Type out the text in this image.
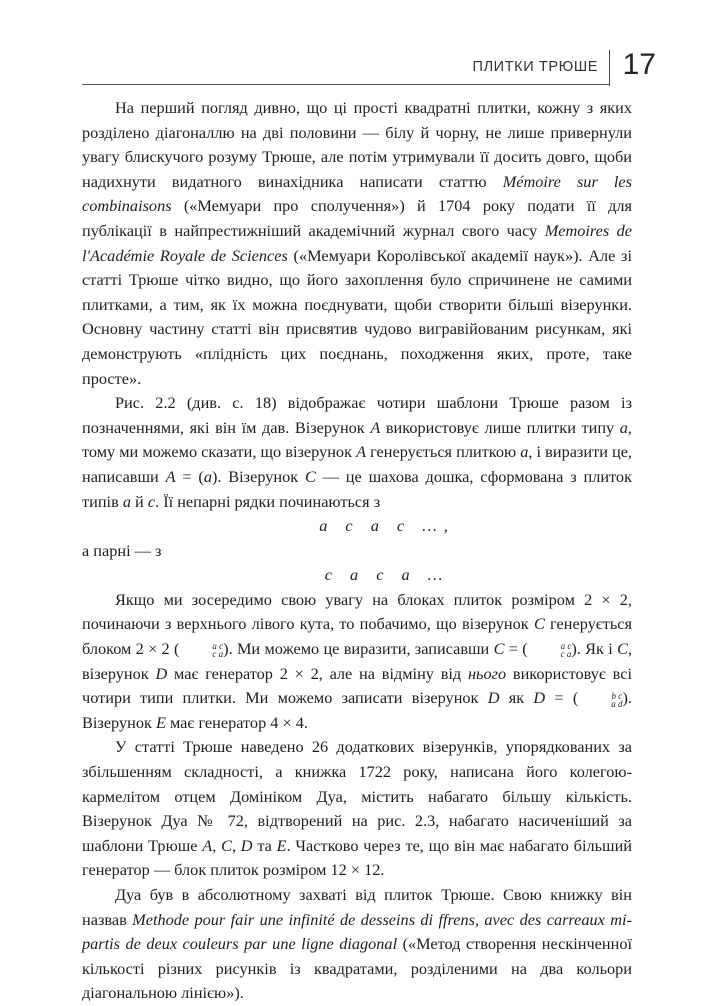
ПЛИТКИ ТРЮШЕ 17

На перший погляд дивно, що ці прості квадратні плитки, кожну з яких розділено діагоналлю на дві половини — білу й чорну, не лише привернули увагу блискучого розуму Трюше, але потім утримували її досить довго, щоби надихнути видатного винахідника написати статтю Mémoire sur les combinaisons («Мемуари про сполучення») й 1704 року подати її для публікації в найпрестижніший академічний журнал свого часу Memoires de l'Académie Royale de Sciences («Мемуари Королівської академії наук»). Але зі статті Трюше чітко видно, що його захоплення було спричинене не самими плитками, а тим, як їх можна поєднувати, щоби створити більші візерунки. Основну частину статті він присвятив чудово вигравійованим рисункам, які демонструють «плідність цих поєднань, походження яких, проте, таке просте».

Рис. 2.2 (див. с. 18) відображає чотири шаблони Трюше разом із позначеннями, які він їм дав. Візерунок A використовує лише плитки типу a, тому ми можемо сказати, що візерунок A генерується плиткою a, і виразити це, написавши A = (a). Візерунок C — це шахова дошка, сформована з плиток типів a й c. Її непарні рядки починаються з

a c a c …,

а парні — з

c a c a …

Якщо ми зосередимо свою увагу на блоках плиток розміром 2 × 2, починаючи з верхнього лівого кута, то побачимо, що візерунок C генерується блоком 2 × 2 (	a c
c a ). Ми можемо це виразити, записавши C = (	a c
c a ). Як і C, візерунок D має генератор 2 × 2, але на відміну від нього використовує всі чотири типи плитки. Ми можемо записати візерунок D як D = (	b c
a d ). Візерунок E має генератор 4 × 4.

У статті Трюше наведено 26 додаткових візерунків, упорядкованих за збільшенням складності, а книжка 1722 року, написана його колегою-кармелітом отцем Домініком Дуа, містить набагато більшу кількість. Візерунок Дуа № 72, відтворений на рис. 2.3, набагато насиченіший за шаблони Трюше A, C, D та E. Частково через те, що він має набагато більший генератор — блок плиток розміром 12 × 12.

Дуа був в абсолютному захваті від плиток Трюше. Свою книжку він назвав Methode pour fair une infinité de desseins di ffrens, avec des carreaux mi-partis de deux couleurs par une ligne diagonal («Метод створення нескінченної кількості різних рисунків із квадратами, розділеними на два кольори діагональною лінією»).
